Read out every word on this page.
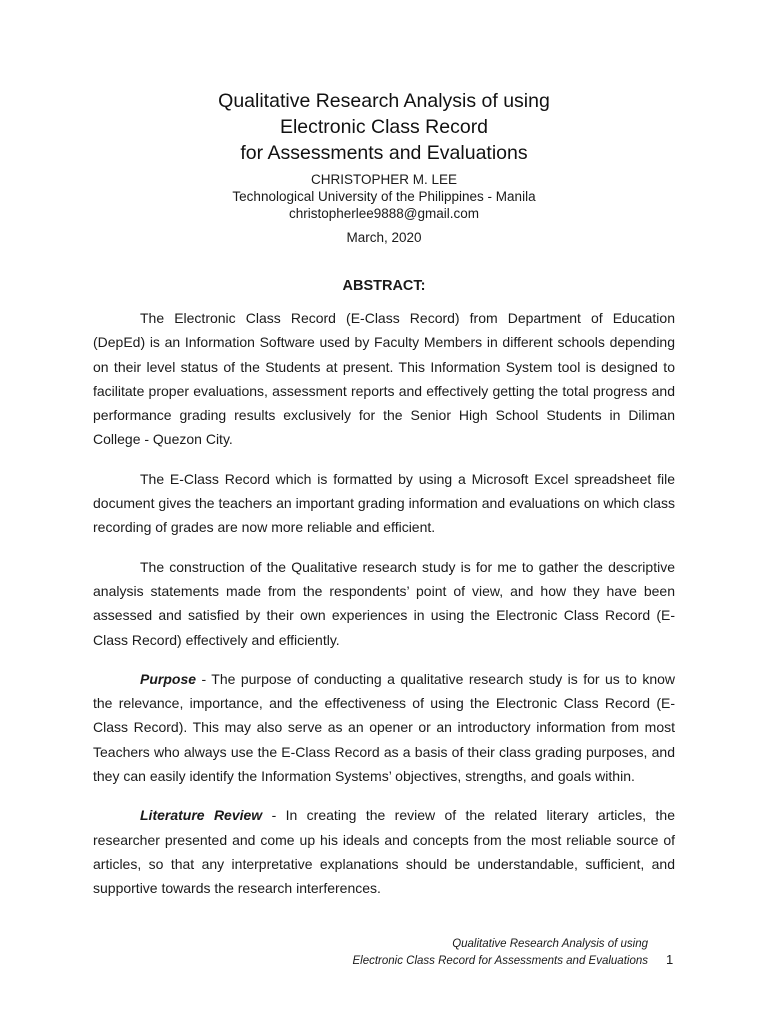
Qualitative Research Analysis of using
Electronic Class Record
for Assessments and Evaluations
CHRISTOPHER M. LEE
Technological University of the Philippines - Manila
christopherlee9888@gmail.com
March, 2020
ABSTRACT:

The Electronic Class Record (E-Class Record) from Department of Education (DepEd) is an Information Software used by Faculty Members in different schools depending on their level status of the Students at present. This Information System tool is designed to facilitate proper evaluations, assessment reports and effectively getting the total progress and performance grading results exclusively for the Senior High School Students in Diliman College - Quezon City.

The E-Class Record which is formatted by using a Microsoft Excel spreadsheet file document gives the teachers an important grading information and evaluations on which class recording of grades are now more reliable and efficient.

The construction of the Qualitative research study is for me to gather the descriptive analysis statements made from the respondents’ point of view, and how they have been assessed and satisfied by their own experiences in using the Electronic Class Record (E-Class Record) effectively and efficiently.

Purpose - The purpose of conducting a qualitative research study is for us to know the relevance, importance, and the effectiveness of using the Electronic Class Record (E-Class Record). This may also serve as an opener or an introductory information from most Teachers who always use the E-Class Record as a basis of their class grading purposes, and they can easily identify the Information Systems’ objectives, strengths, and goals within.

Literature Review - In creating the review of the related literary articles, the researcher presented and come up his ideals and concepts from the most reliable source of articles, so that any interpretative explanations should be understandable, sufficient, and supportive towards the research interferences.

Qualitative Research Analysis of using
Electronic Class Record for Assessments and Evaluations 1
